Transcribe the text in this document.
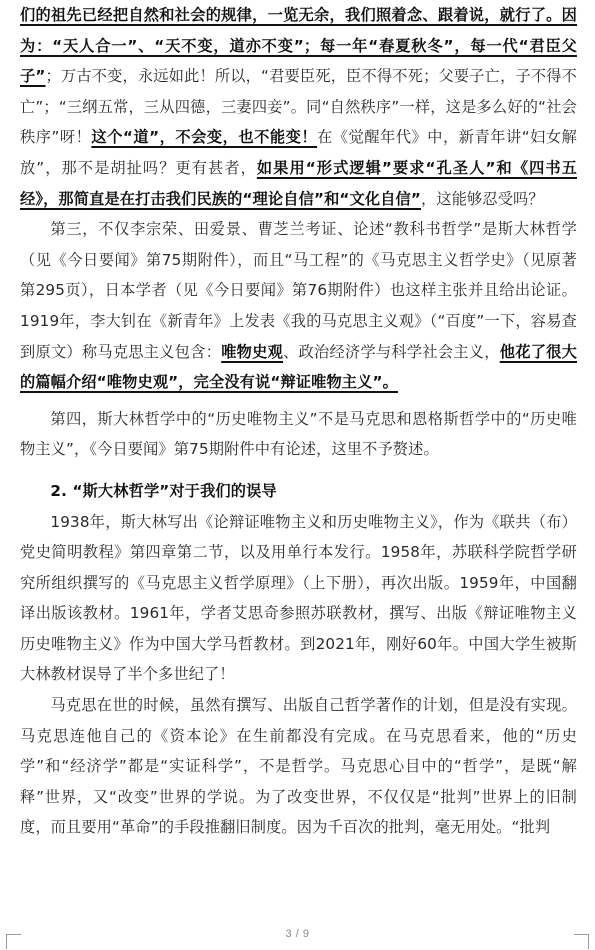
们的祖先已经把自然和社会的规律，一览无余，我们照着念、跟着说，就行了。因为：“天人合一”、“天不变，道亦不变”；每一年“春夏秋冬”，每一代“君臣父子”；万古不变，永远如此！所以，“君要臣死，臣不得不死；父要子亡，子不得不亡”；“三纲五常，三从四德，三妻四妾”。同“自然秩序”一样，这是多么好的“社会秩序”呀！这个“道”，不会变，也不能变！在《觉醒年代》中，新青年讲“妇女解放”，那不是胡扯吗？更有甚者，如果用“形式逻辑”要求“孔圣人”和《四书五经》，那简直是在打击我们民族的“理论自信”和“文化自信”，这能够忍受吗？

第三，不仅李宗荣、田爱景、曹芝兰考证、论述“教科书哲学”是斯大林哲学（见《今日要闻》第75期附件），而且“马工程”的《马克思主义哲学史》（见原著第295页），日本学者（见《今日要闻》第76期附件）也这样主张并且给出论证。1919年，李大钊在《新青年》上发表《我的马克思主义观》（“百度”一下，容易查到原文）称马克思主义包含：唯物史观、政治经济学与科学社会主义，他花了很大的篇幅介绍“唯物史观”，完全没有说“辩证唯物主义”。

第四，斯大林哲学中的“历史唯物主义”不是马克思和恩格斯哲学中的“历史唯物主义”，《今日要闻》第75期附件中有论述，这里不予赘述。

2. “斯大林哲学”对于我们的误导

1938年，斯大林写出《论辩证唯物主义和历史唯物主义》，作为《联共（布）党史简明教程》第四章第二节，以及用单行本发行。1958年，苏联科学院哲学研究所组织撰写的《马克思主义哲学原理》（上下册），再次出版。1959年，中国翻译出版该教材。1961年，学者艾思奇参照苏联教材，撰写、出版《辩证唯物主义 历史唯物主义》作为中国大学马哲教材。到2021年，刚好60年。中国大学生被斯大林教材误导了半个多世纪了！

马克思在世的时候，虽然有撰写、出版自己哲学著作的计划，但是没有实现。马克思连他自己的《资本论》在生前都没有完成。在马克思看来，他的“历史学”和“经济学”都是“实证科学”，不是哲学。马克思心目中的“哲学”，是既“解释”世界，又“改变”世界的学说。为了改变世界，不仅仅是“批判”世界上的旧制度，而且要用“革命”的手段推翻旧制度。因为千百次的批判，毫无用处。“批判

3 / 9
